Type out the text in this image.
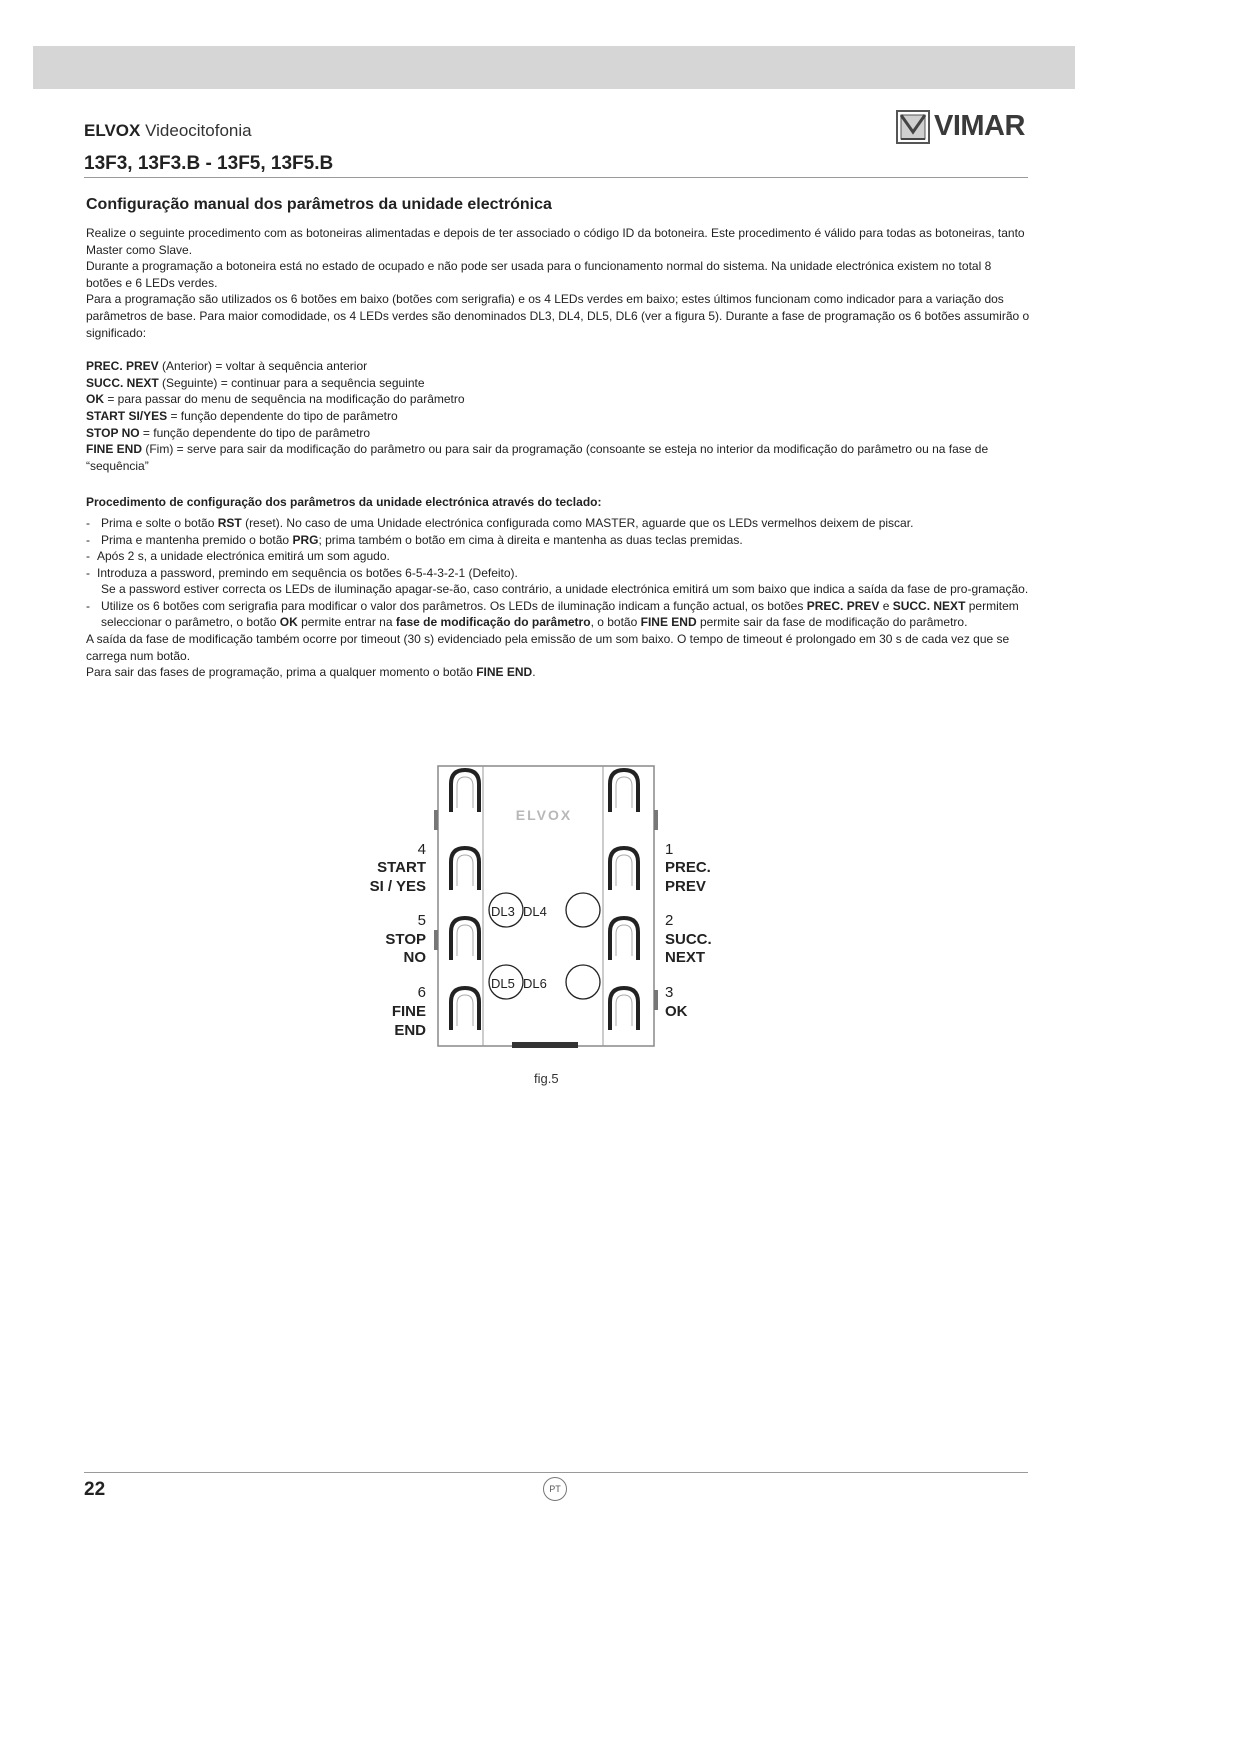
ELVOX Videocitofonia
13F3, 13F3.B - 13F5, 13F5.B
VIMAR
Configuração manual dos parâmetros da unidade electrónica

Realize o seguinte procedimento com as botoneiras alimentadas e depois de ter associado o código ID da botoneira. Este procedimento é válido para todas as botoneiras, tanto Master como Slave.

Durante a programação a botoneira está no estado de ocupado e não pode ser usada para o funcionamento normal do sistema. Na unidade electrónica existem no total 8 botões e 6 LEDs verdes.

Para a programação são utilizados os 6 botões em baixo (botões com serigrafia) e os 4 LEDs verdes em baixo; estes últimos funcionam como indicador para a variação dos parâmetros de base. Para maior comodidade, os 4 LEDs verdes são denominados DL3, DL4, DL5, DL6 (ver a figura 5). Durante a fase de programação os 6 botões assumirão o significado:

PREC. PREV (Anterior) = voltar à sequência anterior

SUCC. NEXT (Seguinte) = continuar para a sequência seguinte

OK = para passar do menu de sequência na modificação do parâmetro

START SI/YES = função dependente do tipo de parâmetro

STOP NO = função dependente do tipo de parâmetro

FINE END (Fim) = serve para sair da modificação do parâmetro ou para sair da programação (consoante se esteja no interior da modificação do parâmetro ou na fase de “sequência”

Procedimento de configuração dos parâmetros da unidade electrónica através do teclado:

- Prima e solte o botão RST (reset). No caso de uma Unidade electrónica configurada como MASTER, aguarde que os LEDs vermelhos deixem de piscar.
- Prima e mantenha premido o botão PRG; prima também o botão em cima à direita e mantenha as duas teclas premidas.
- Após 2 s, a unidade electrónica emitirá um som agudo.
- Introduza a password, premindo em sequência os botões 6-5-4-3-2-1 (Defeito).
Se a password estiver correcta os LEDs de iluminação apagar-se-ão, caso contrário, a unidade electrónica emitirá um som baixo que indica a saída da fase de pro-gramação.
- Utilize os 6 botões com serigrafia para modificar o valor dos parâmetros. Os LEDs de iluminação indicam a função actual, os botões PREC. PREV e SUCC. NEXT permitem seleccionar o parâmetro, o botão OK permite entrar na fase de modificação do parâmetro, o botão FINE END permite sair da fase de modificação do parâmetro.

A saída da fase de modificação também ocorre por timeout (30 s) evidenciado pela emissão de um som baixo. O tempo de timeout é prolongado em 30 s de cada vez que se carrega num botão.

Para sair das fases de programação, prima a qualquer momento o botão FINE END.

ELVOX
DL3 DL4
DL5 DL6
4
START
SI / YES
5
STOP
NO
6
FINE
END
1
PREC.
PREV
2
SUCC.
NEXT
3
OK
fig.5
22	PT
